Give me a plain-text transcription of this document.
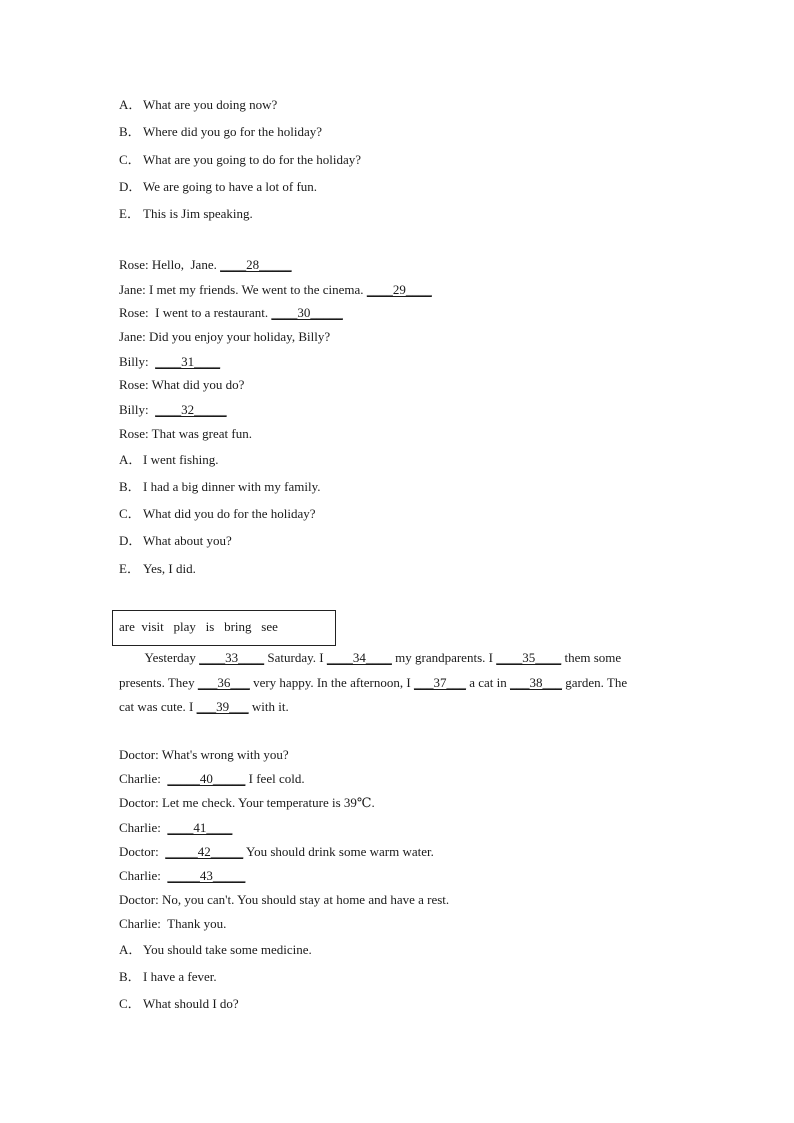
A． What are you doing now?
B． Where did you go for the holiday?
C． What are you going to do for the holiday?
D． We are going to have a lot of fun.
E． This is Jim speaking.
Rose: Hello,  Jane. ____28_____
Jane: I met my friends. We went to the cinema. ____29____
Rose:  I went to a restaurant. ____30_____
Jane: Did you enjoy your holiday, Billy?
Billy:  ____31____
Rose: What did you do?
Billy:  ____32_____
Rose: That was great fun.
A． I went fishing.
B． I had a big dinner with my family.
C． What did you do for the holiday?
D． What about you?
E． Yes, I did.
are  visit   play   is   bring   see
Yesterday ____33____ Saturday. I ____34____ my grandparents. I ____35____ them some
presents. They ___36___ very happy. In the afternoon, I ___37___ a cat in ___38___ garden. The
cat was cute. I ___39___ with it.
Doctor: What's wrong with you?
Charlie:  _____40_____ I feel cold.
Doctor: Let me check. Your temperature is 39℃.
Charlie:  ____41____
Doctor:  _____42_____ You should drink some warm water.
Charlie:  _____43_____
Doctor: No, you can't. You should stay at home and have a rest.
Charlie:  Thank you.
A． You should take some medicine.
B． I have a fever.
C． What should I do?
